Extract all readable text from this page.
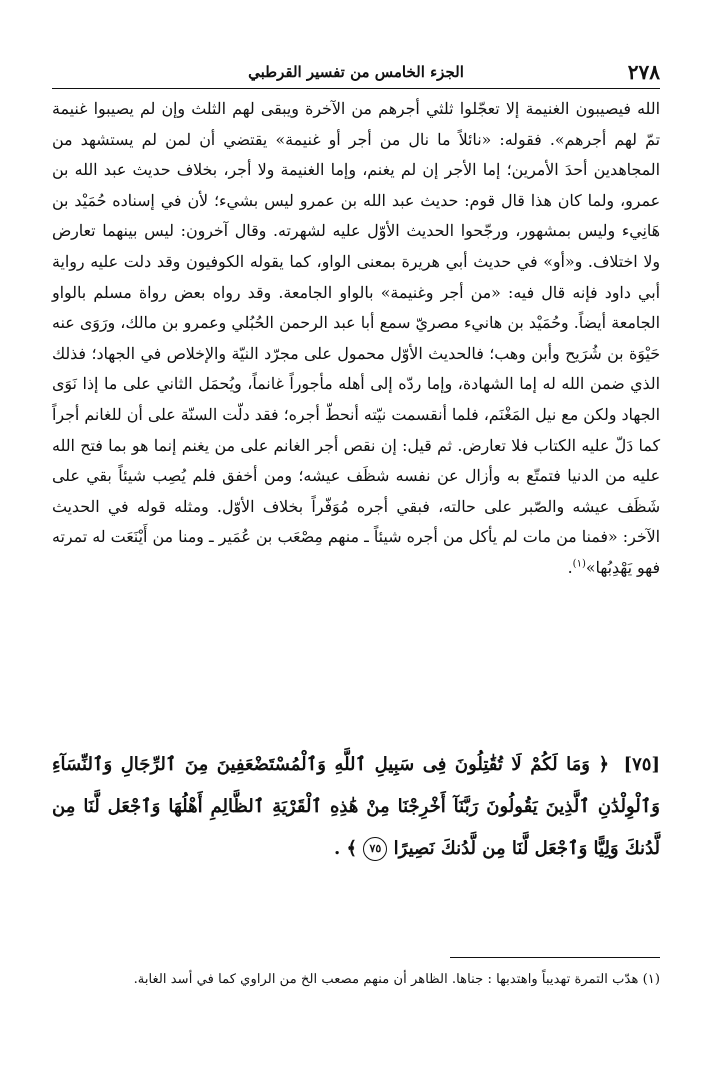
٢٧٨
الجزء الخامس من تفسير القرطبي

الله فيصيبون الغنيمة إلا تعجّلوا ثلثي أجرهم من الآخرة ويبقى لهم الثلث وإن لم يصيبوا غنيمة تمّ لهم أجرهم». فقوله: «نائلاً ما نال من أجر أو غنيمة» يقتضي أن لمن لم يستشهد من المجاهدين أحدَ الأمرين؛ إما الأجر إن لم يغنم، وإما الغنيمة ولا أجر، بخلاف حديث عبد الله بن عمرو، ولما كان هذا قال قوم: حديث عبد الله بن عمرو ليس بشيء؛ لأن في إسناده حُمَيْد بن هَانِيء وليس بمشهور، ورجّحوا الحديث الأوّل عليه لشهرته. وقال آخرون: ليس بينهما تعارض ولا اختلاف. و«أو» في حديث أبي هريرة بمعنى الواو، كما يقوله الكوفيون وقد دلت عليه رواية أبي داود فإنه قال فيه: «من أجر وغنيمة» بالواو الجامعة. وقد رواه بعض رواة مسلم بالواو الجامعة أيضاً. وحُمَيْد بن هانيء مصريّ سمع أبا عبد الرحمن الحُبُلي وعمرو بن مالك، ورَوَى عنه حَيْوَة بن شُرَيح وأبن وهب؛ فالحديث الأوّل محمول على مجرّد النيّة والإخلاص في الجهاد؛ فذلك الذي ضمن الله له إما الشهادة، وإما ردّه إلى أهله مأجوراً غانماً، ويُحمَل الثاني على ما إذا نَوَى الجهاد ولكن مع نيل المَغْنَم، فلما أنقسمت نيّته أنحطّ أجره؛ فقد دلّت السنّة على أن للغانم أجراً كما دَلّ عليه الكتاب فلا تعارض. ثم قيل: إن نقص أجر الغانم على من يغنم إنما هو بما فتح الله عليه من الدنيا فتمتّع به وأزال عن نفسه شظَف عيشه؛ ومن أخفق فلم يُصِب شيئاً بقي على شَظَف عيشه والصّبر على حالته، فبقي أجره مُوَفّراً بخلاف الأوّل. ومثله قوله في الحديث الآخر: «فمنا من مات لم يأكل من أجره شيئاً ـ منهم مِصْعَب بن عُمَير ـ ومنا من أَيْنَعَت له تمرته فهو يَهْدِبُها»$^{(١)}$.

[٧٥] ﴿ وَمَا لَكُمْ لَا تُقَٰتِلُونَ فِى سَبِيلِ ٱللَّهِ وَٱلْمُسْتَضْعَفِينَ مِنَ ٱلرِّجَالِ وَٱلنِّسَآءِ وَٱلْوِلْدَٰنِ ٱلَّذِينَ يَقُولُونَ رَبَّنَآ أَخْرِجْنَا مِنْ هَٰذِهِ ٱلْقَرْيَةِ ٱلظَّالِمِ أَهْلُهَا وَٱجْعَل لَّنَا مِن لَّدُنكَ وَلِيًّا وَٱجْعَل لَّنَا مِن لَّدُنكَ نَصِيرًا ٧٥ ﴾ .

(١) هدّب التمرة تهديباً واهتدبها : جناها. الظاهر أن منهم مصعب الخ من الراوي كما في أسد الغابة.
